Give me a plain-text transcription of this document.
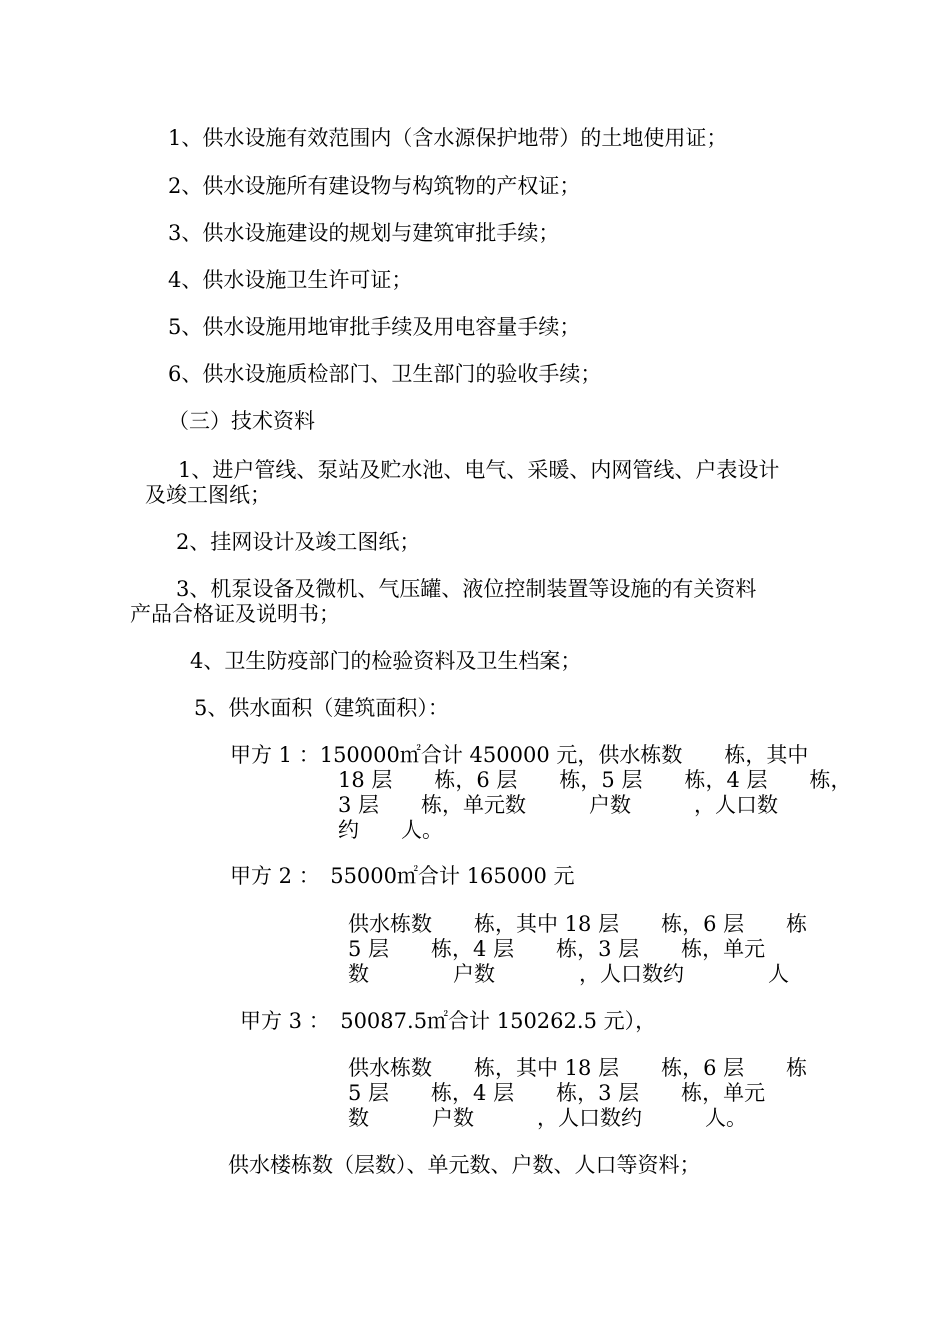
1、供水设施有效范围内（含水源保护地带）的土地使用证；
2、供水设施所有建设物与构筑物的产权证；
3、供水设施建设的规划与建筑审批手续；
4、供水设施卫生许可证；
5、供水设施用地审批手续及用电容量手续；
6、供水设施质检部门、卫生部门的验收手续；
（三）技术资料
1、进户管线、泵站及贮水池、电气、采暖、内网管线、户表设计
及竣工图纸；
2、挂网设计及竣工图纸；
3、机泵设备及微机、气压罐、液位控制装置等设施的有关资料
产品合格证及说明书；
4、卫生防疫部门的检验资料及卫生档案；
5、供水面积（建筑面积）：
甲方 1 ：150000㎡合计 450000 元，供水栋数　　栋，其中
18 层　　栋，6 层　　栋，5 层　　栋，4 层　　栋，
3 层　　栋，单元数　　　户数　　　，人口数
约　　人。
甲方 2 ：　55000㎡合计 165000 元
供水栋数　　栋，其中 18 层　　栋，6 层　　栋
5 层　　栋，4 层　　栋，3 层　　栋，单元
数　　　　户数　　　　，人口数约　　　　人
甲方 3 ：　50087.5㎡合计 150262.5 元），
供水栋数　　栋，其中 18 层　　栋，6 层　　栋
5 层　　栋，4 层　　栋，3 层　　栋，单元
数　　　户数　　　，人口数约　　　人。
供水楼栋数（层数）、单元数、户数、人口等资料；
